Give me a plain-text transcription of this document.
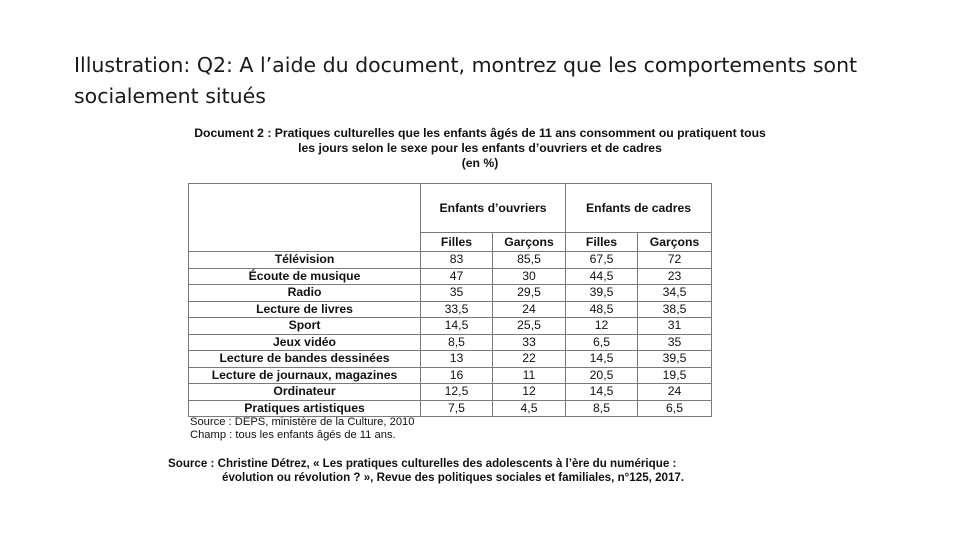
Illustration: Q2: A l’aide du document, montrez que les comportements sont socialement situés
Document 2 : Pratiques culturelles que les enfants âgés de 11 ans consomment ou pratiquent tous
les jours selon le sexe pour les enfants d’ouvriers et de cadres
(en %)
	Enfants d’ouvriers		Enfants de cadres	
	Filles	Garçons	Filles	Garçons
Télévision	83	85,5	67,5	72
Écoute de musique	47	30	44,5	23
Radio	35	29,5	39,5	34,5
Lecture de livres	33,5	24	48,5	38,5
Sport	14,5	25,5	12	31
Jeux vidéo	8,5	33	6,5	35
Lecture de bandes dessinées	13	22	14,5	39,5
Lecture de journaux, magazines	16	11	20,5	19,5
Ordinateur	12,5	12	14,5	24
Pratiques artistiques	7,5	4,5	8,5	6,5
Source : DEPS, ministère de la Culture, 2010
Champ : tous les enfants âgés de 11 ans.
Source : Christine Détrez, « Les pratiques culturelles des adolescents à l’ère du numérique :
évolution ou révolution ? », Revue des politiques sociales et familiales, n°125, 2017.
